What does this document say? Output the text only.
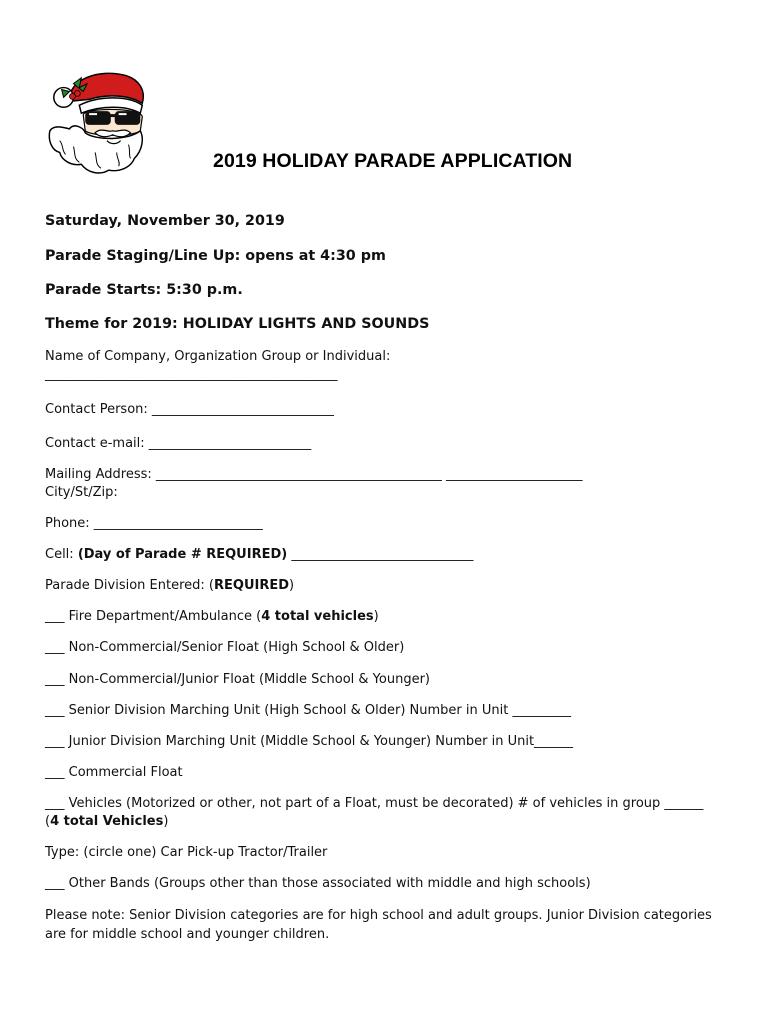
2019 HOLIDAY PARADE APPLICATION
Saturday, November 30, 2019
Parade Staging/Line Up: opens at 4:30 pm
Parade Starts: 5:30 p.m.
Theme for 2019: HOLIDAY LIGHTS AND SOUNDS
Name of Company, Organization Group or Individual:
_____________________________________________
Contact Person: ____________________________
Contact e-mail: _________________________
Mailing Address: ____________________________________________ _____________________
City/St/Zip:
Phone: __________________________
Cell: (Day of Parade # REQUIRED) ____________________________
Parade Division Entered: (REQUIRED)
___ Fire Department/Ambulance (4 total vehicles)
___ Non-Commercial/Senior Float (High School & Older)
___ Non-Commercial/Junior Float (Middle School & Younger)
___ Senior Division Marching Unit (High School & Older) Number in Unit _________
___ Junior Division Marching Unit (Middle School & Younger) Number in Unit______
___ Commercial Float
___ Vehicles (Motorized or other, not part of a Float, must be decorated) # of vehicles in group ______
(4 total Vehicles)
Type: (circle one) Car Pick-up Tractor/Trailer
___ Other Bands (Groups other than those associated with middle and high schools)
Please note: Senior Division categories are for high school and adult groups. Junior Division categories are for middle school and younger children.
